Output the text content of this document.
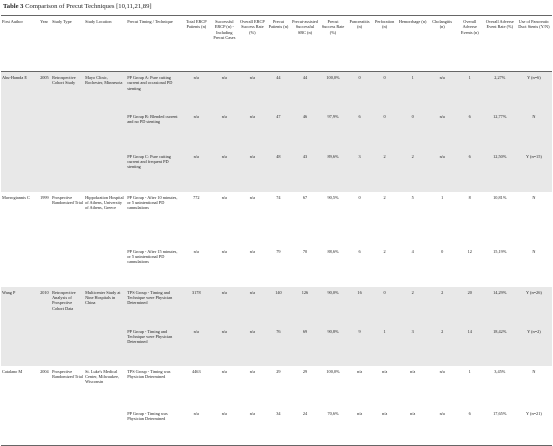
Table 3 Comparison of Precut Techniques [10,11,21,89]
First Author	Year	Study Type	Study Location	Precut Timing / Technique	Total ERCP Patients (n)	Successful ERCP (n) - Including Precut Cases	Overall ERCP Success Rate (%)	Precut Patients (n)	Precut-assisted Successful SBC (n)	Precut Success Rate (%)	Pancreatitis (n)	Perforation (n)	Hemorrhage (n)	Cholangitis (n)	Overall Adverse Events (n)	Overall Adverse Event Rate (%)	Use of Pancreatic Duct Stents (Y/N)
Abu-Hamda E	2005	Retrospective Cohort Study	Mayo Clinic, Rochester, Minnesota	PP Group A: Pure cutting current and occasional PD stenting	n/a	n/a	n/a	44	44	100,0%	0	0	1	n/a	1	2,27%	Y (n=6)
				PP Group B: Blended current and no PD stenting	n/a	n/a	n/a	47	46	97,9%	6	0	0	n/a	6	12,77%	N
				PP Group C: Pure cutting current and frequent PD stenting	n/a	n/a	n/a	48	43	89,6%	3	2	2	n/a	6	12,50%	Y (n=15)
Mavrogiannis C	1999	Prospective Randomized Trial	Hippokration Hospital of Athens, University of Athens, Greece	PP Group - After 10 minutes, or 5 unintentional PD cannulations	772	n/a	n/a	74	67	90,5%	0	2	5	1	8	10,81%	N
				PP Group - After 15 minutes, or 5 unintentional PD cannulations	n/a	n/a	n/a	79	70	88,6%	6	2	4	0	12	15,19%	N
Wang P	2010	Retrospective Analysis of Prospective Cohort Data	Multicenter Study at Nine Hospitals in China	TPS Group - Timing and Technique were Physician Determined	3178	n/a	n/a	140	126	90,0%	16	0	2	2	20	14,29%	Y (n=26)
				PP Group - Timing and Technique were Physician Determined	n/a	n/a	n/a	76	69	90,8%	9	1	3	2	14	18,42%	Y (n=2)
Catalano M	2004	Prospective Randomized Trial	St. Luke's Medical Center, Milwaukee, Wisconsin	TPS Group - Timing was Physician Determined	4463	n/a	n/a	29	29	100,0%	n/a	n/a	n/a	n/a	1	3,45%	N
				PP Group - Timing was Physician Determined	n/a	n/a	n/a	34	24	70,6%	n/a	n/a	n/a	n/a	6	17,65%	Y (n=21)
